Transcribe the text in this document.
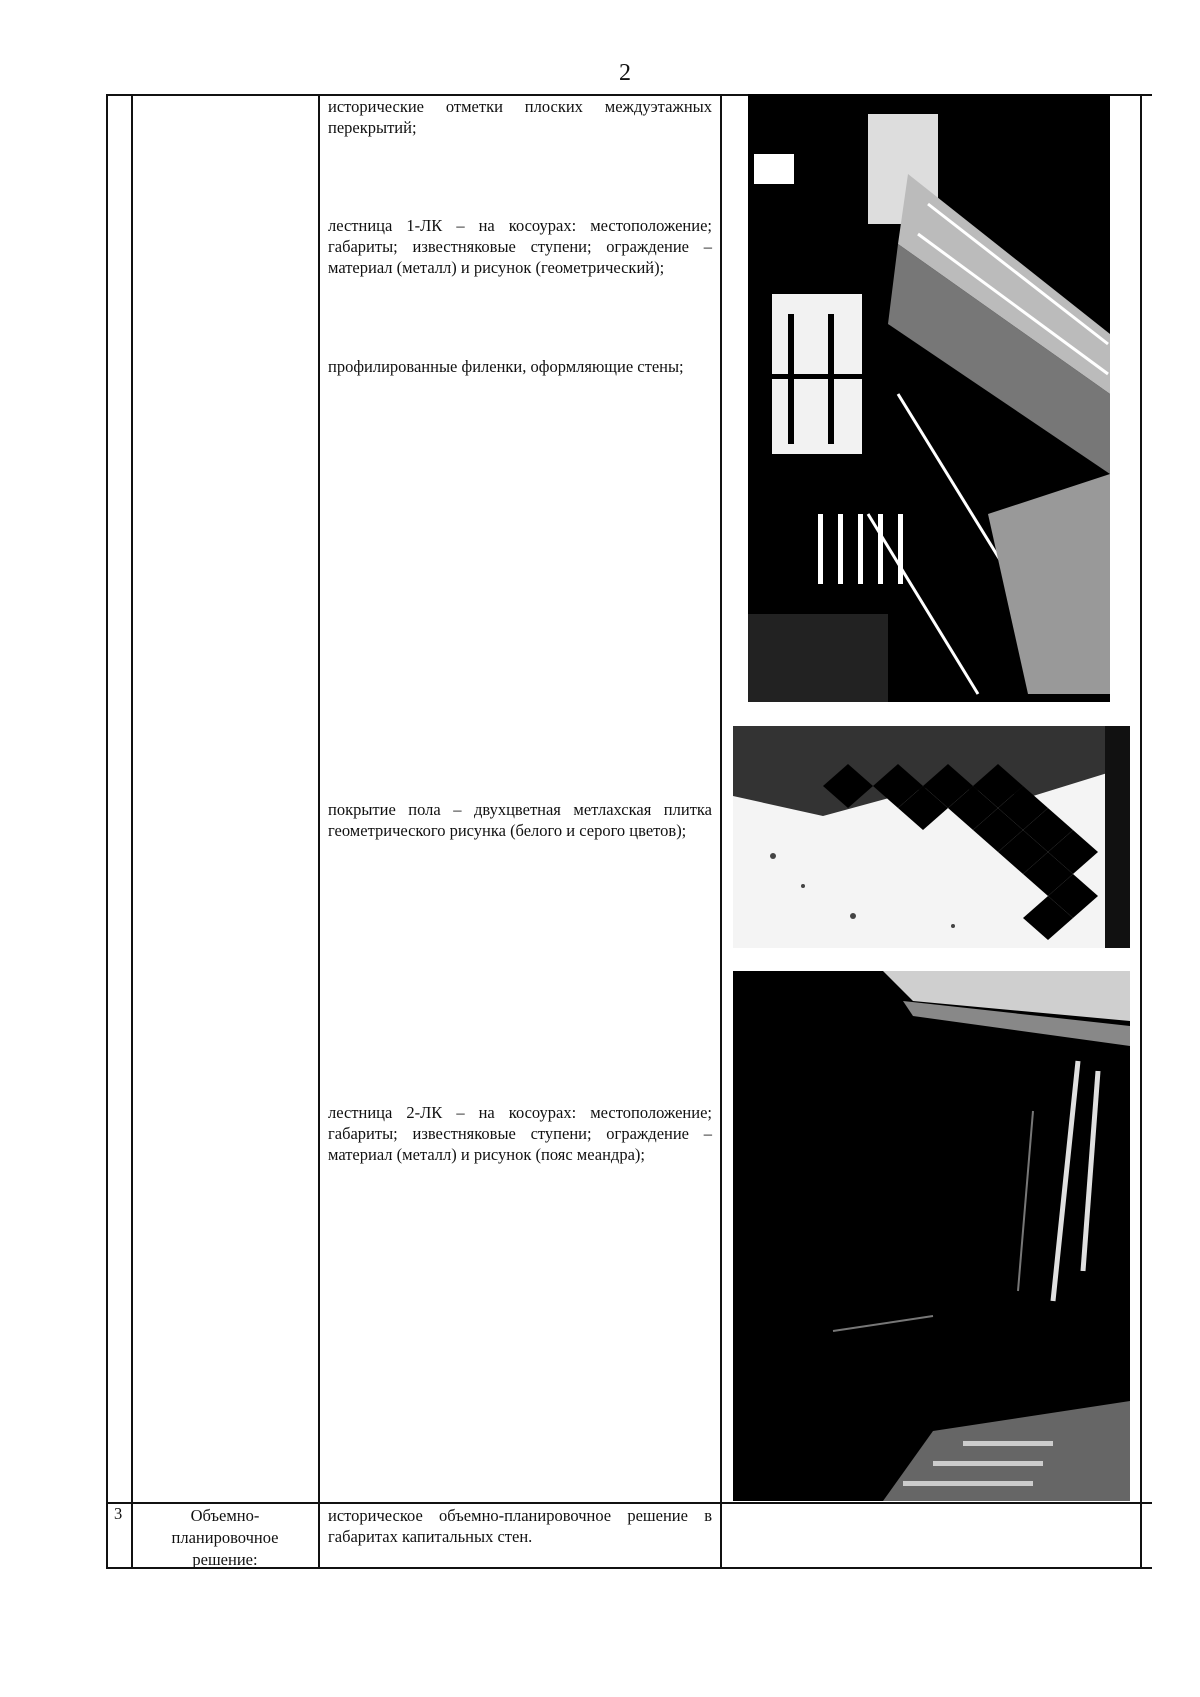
2
исторические отметки плоских междуэтажных перекрытий;
лестница 1-ЛК – на косоурах: местоположение; габариты; известняковые ступени; ограждение – материал (металл) и рисунок (геометрический);
профилированные филенки, оформляющие стены;
покрытие пола – двухцветная метлахская плитка геометрического рисунка (белого и серого цветов);
лестница 2-ЛК – на косоурах: местоположение; габариты; известняковые ступени; ограждение – материал (металл) и рисунок (пояс меандра);
3	Объемно-планировочное решение:
историческое объемно-планировочное решение в габаритах капитальных стен.
